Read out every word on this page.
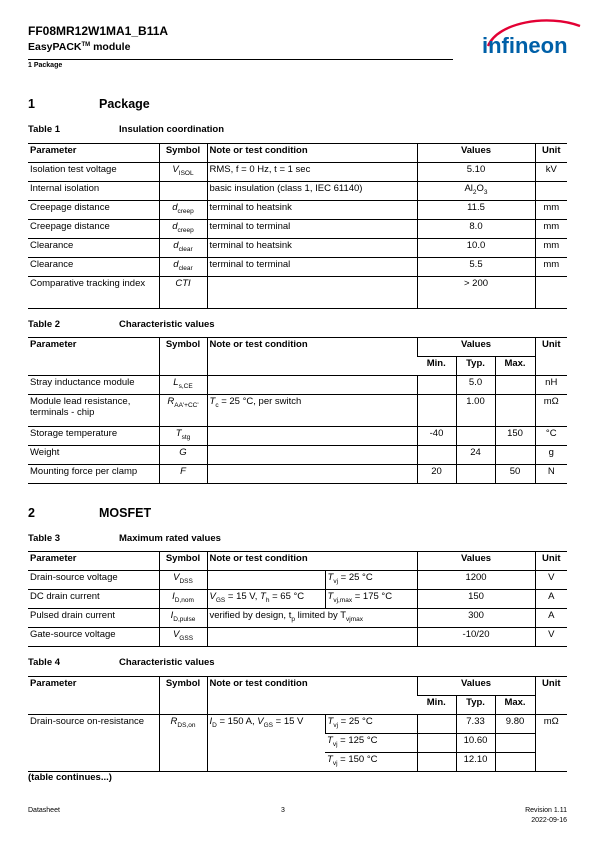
FF08MR12W1MA1_B11A
EasyPACK™ module
1 Package
infineon
1	Package
Table 1	Insulation coordination
Parameter	Symbol	Note or test condition	Values	Unit
Isolation test voltage	$V_{ISOL}$	RMS, f = 0 Hz, t = 1 sec	5.10	kV
Internal isolation		basic insulation (class 1, IEC 61140)	$Al_2O_3$	
Creepage distance	$d_{creep}$	terminal to heatsink	11.5	mm
Creepage distance	$d_{creep}$	terminal to terminal	8.0	mm
Clearance	$d_{clear}$	terminal to heatsink	10.0	mm
Clearance	$d_{clear}$	terminal to terminal	5.5	mm
Comparative tracking index	CTI		> 200	
Table 2	Characteristic values
Parameter	Symbol	Note or test condition	Values			Unit
			Min.	Typ.	Max.	
Stray inductance module	$L_{s,CE}$			5.0		nH
Module lead resistance, terminals - chip	$R_{AA'+CC'}$	$T_c = 25$ °C, per switch		1.00		mΩ
Storage temperature	$T_{stg}$		-40		150	°C
Weight	G			24		g
Mounting force per clamp	F		20		50	N
2	MOSFET
Table 3	Maximum rated values
Parameter	Symbol	Note or test condition		Values	Unit
Drain-source voltage	$V_{DSS}$		$T_{vj} = 25$ °C	1200	V
DC drain current	$I_{D,nom}$	$V_{GS} = 15$ V, $T_h = 65$ °C	$T_{vj,max} = 175$ °C	150	A
Pulsed drain current	$I_{D,pulse}$	verified by design, $t_p$ limited by $T_{vjmax}$		300	A
Gate-source voltage	$V_{GSS}$			-10/20	V
Table 4	Characteristic values
Parameter	Symbol	Note or test condition		Values			Unit
				Min.	Typ.	Max.	
Drain-source on-resistance	$R_{DS,on}$	$I_D = 150$ A, $V_{GS} = 15$ V	$T_{vj} = 25$ °C		7.33	9.80	mΩ
			$T_{vj} = 125$ °C		10.60		
			$T_{vj} = 150$ °C		12.10		
(table continues...)
Datasheet	3	Revision 1.11
2022-09-16
